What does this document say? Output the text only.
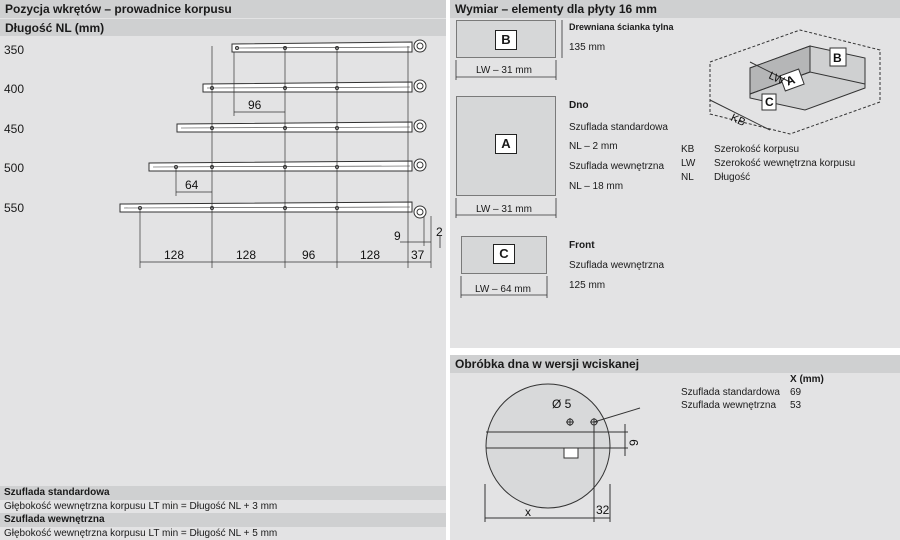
Pozycja wkrętów – prowadnice korpusu
Długość NL (mm)
350
400
450
500
550
96
64
9	2
128	128	96	128	37
Szuflada standardowa
Głębokość wewnętrzna korpusu LT min = Długość NL + 3 mm
Szuflada wewnętrzna
Głębokość wewnętrzna korpusu LT min = Długość NL + 5 mm
Wymiar – elementy dla płyty 16 mm
B
Drewniana ścianka tylna
135 mm
LW – 31 mm
A
Dno
Szuflada standardowa
NL – 2 mm
Szuflada wewnętrzna
NL – 18 mm
LW – 31 mm
C
Front
Szuflada wewnętrzna
125 mm
LW – 64 mm
A
B
C
LW
KB
KB Szerokość korpusu
LW Szerokość wewnętrzna korpusu
NL Długość
Obróbka dna w wersji wciskanej
Ø 5
9
x	32
X (mm)
Szuflada standardowa 69
Szuflada wewnętrzna 53
